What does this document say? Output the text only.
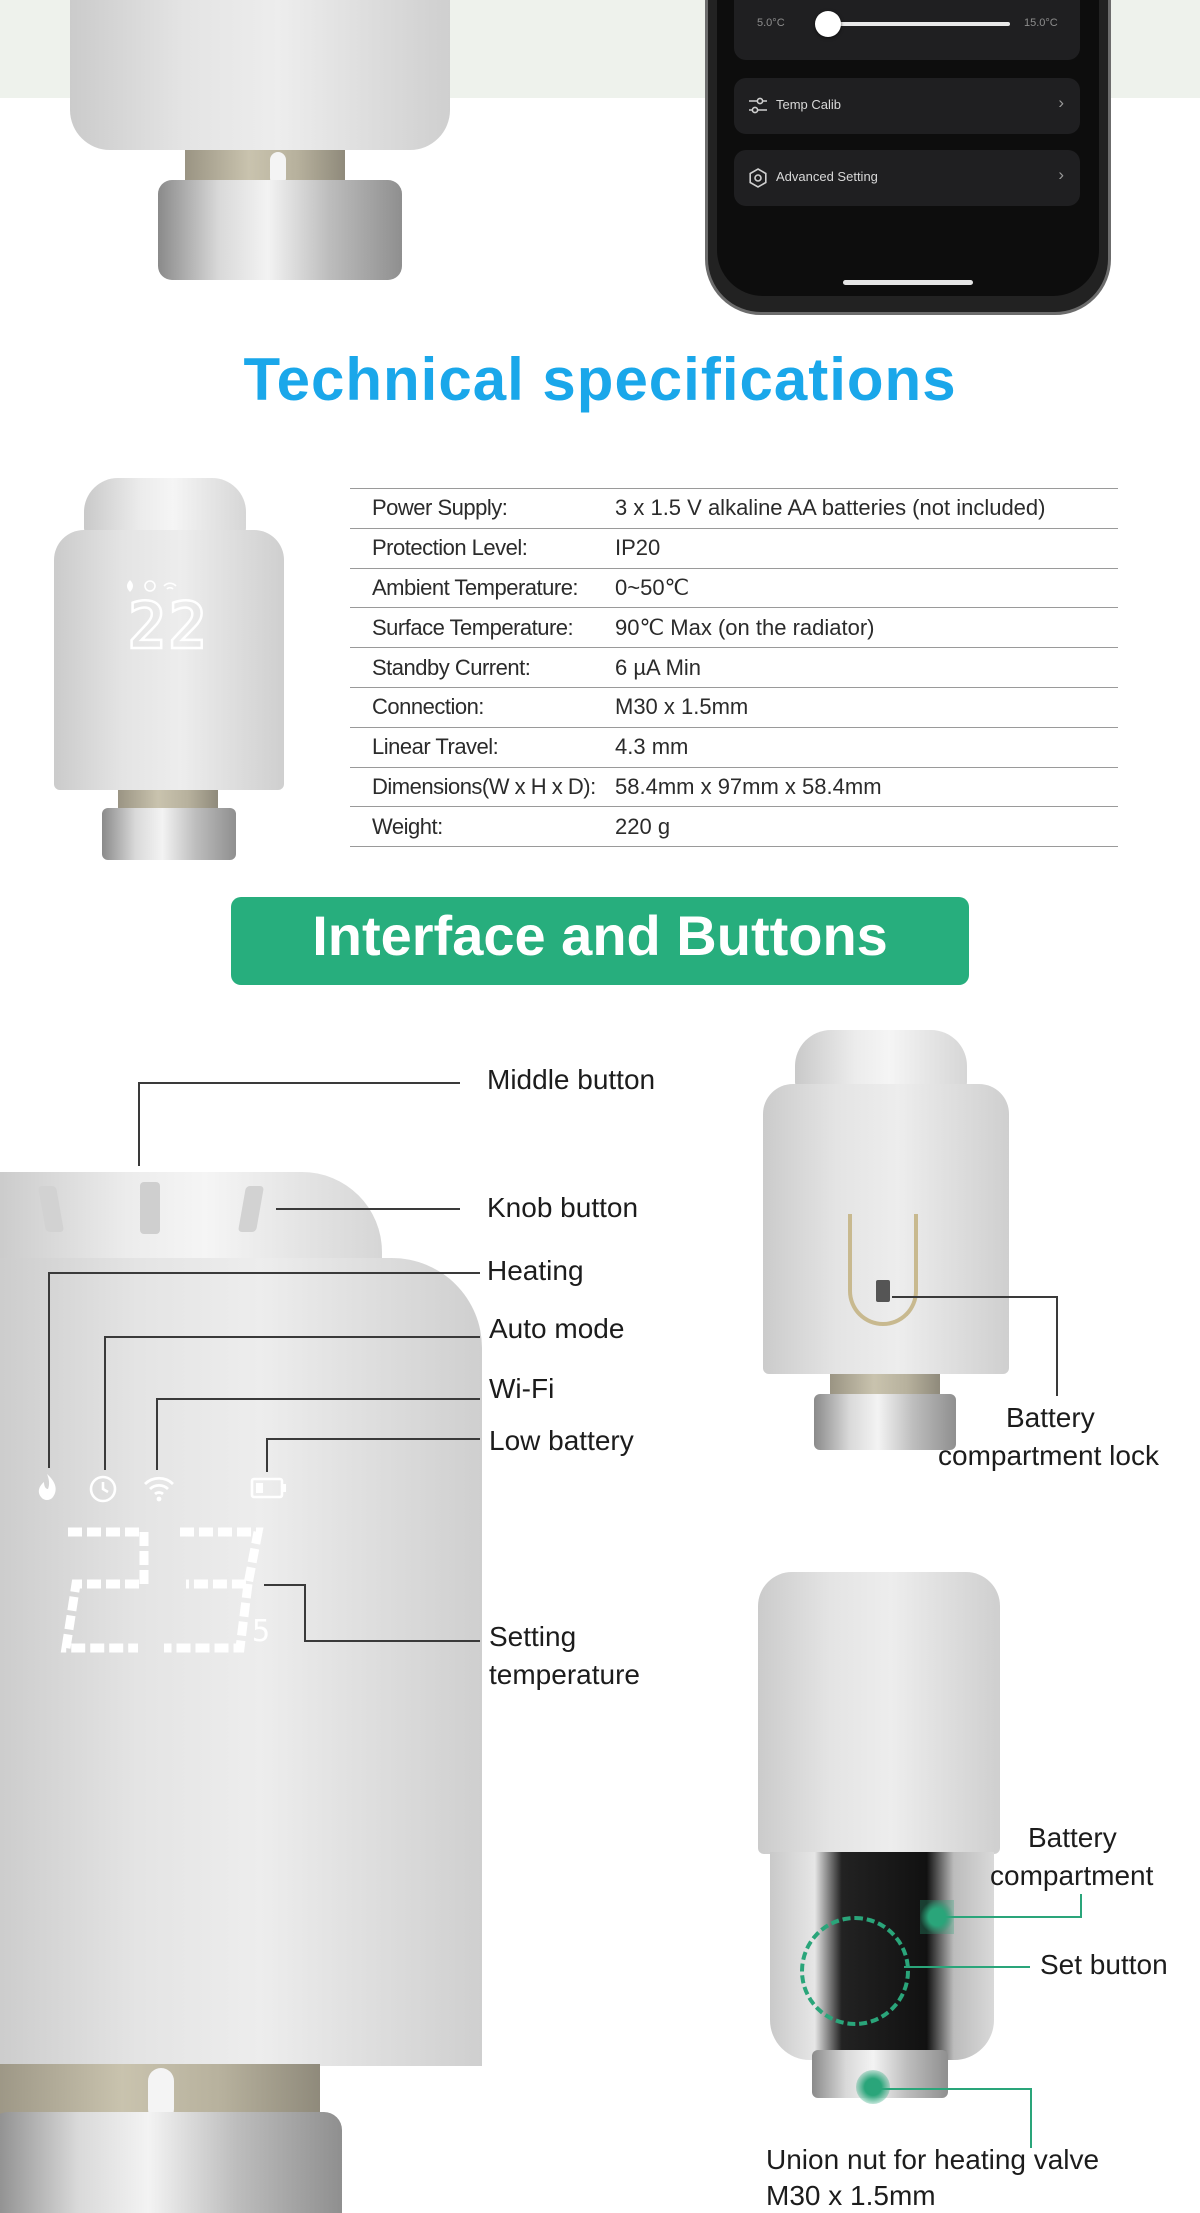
5.0°C	15.0°C
Temp Calib	›
Advanced Setting	›
Technical specifications
22
Power Supply:	3 x 1.5 V alkaline AA batteries (not included)
Protection Level:	IP20
Ambient Temperature:	0~50℃
Surface Temperature:	90℃ Max (on the radiator)
Standby Current:	6 µA Min
Connection:	M30 x 1.5mm
Linear Travel:	4.3 mm
Dimensions(W x H x D):	58.4mm x 97mm x 58.4mm
Weight:	220 g
Interface and Buttons
5
Middle button
Knob button
Heating
Auto mode
Wi-Fi
Low battery
Setting
temperature
Battery
compartment lock
Battery
compartment
Set button
Union nut for heating valve
M30 x 1.5mm
